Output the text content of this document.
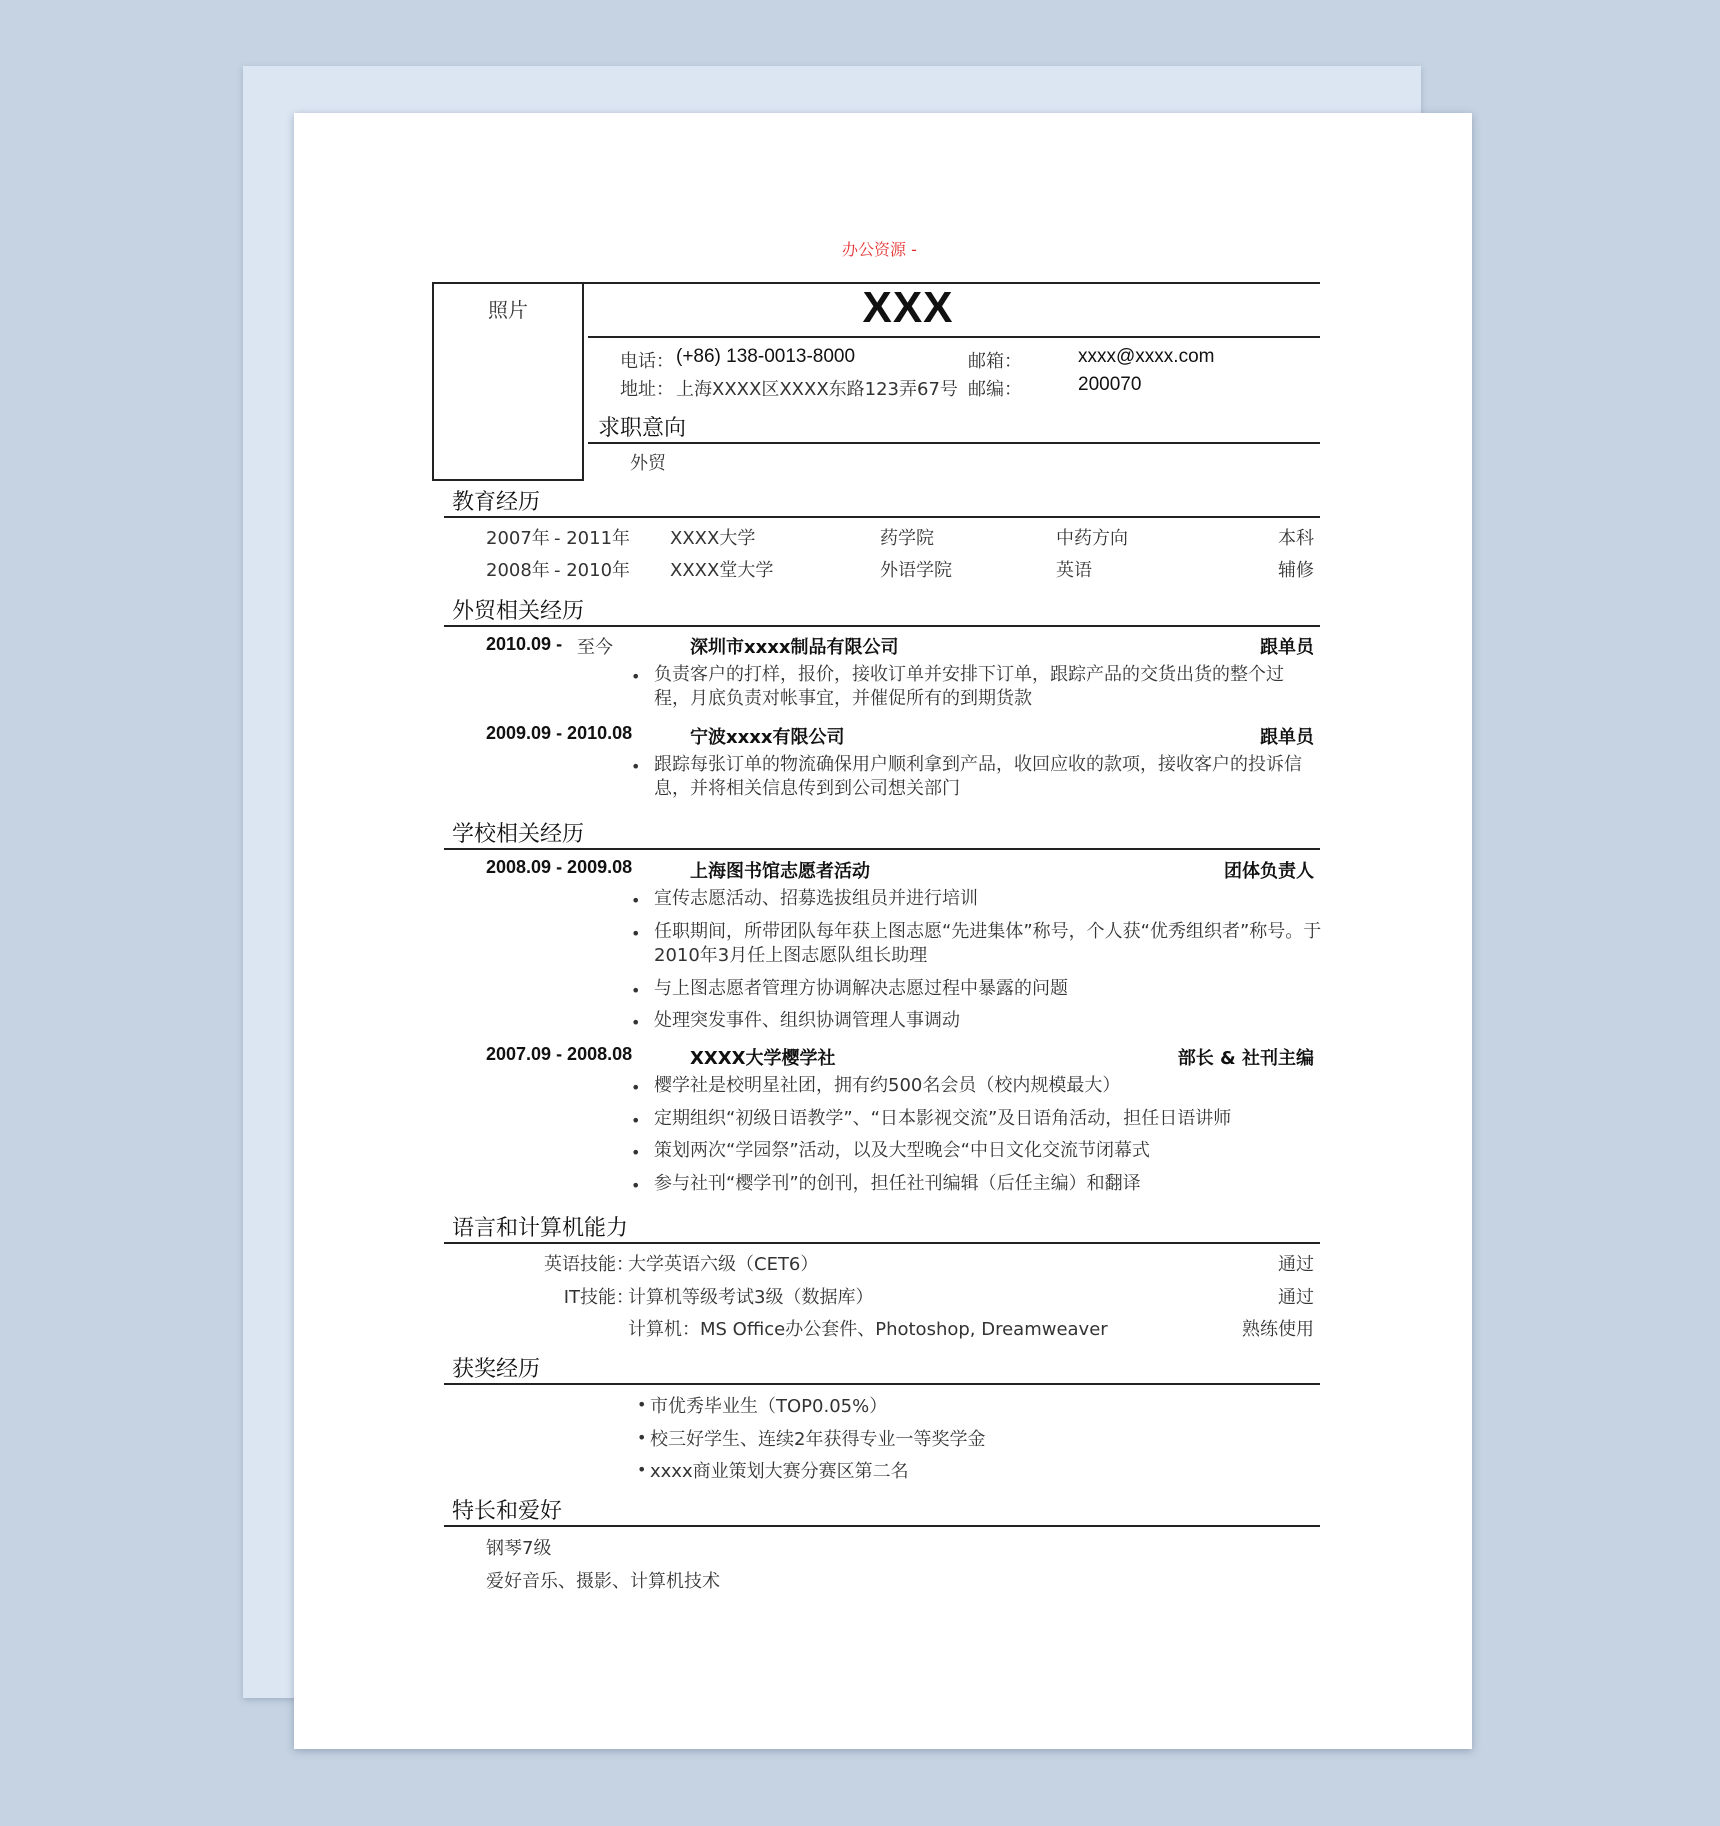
办公资源 -
照片	XXX
电话： (+86) 138-0013-8000	邮箱：	xxxx@xxxx.com
地址： 上海XXXX区XXXX东路123弄67号 邮编：	200070
求职意向
外贸
教育经历
2007年 - 2011年 XXXX大学	药学院	中药方向	本科
2008年 - 2010年 XXXX堂大学	外语学院	英语	辅修
外贸相关经历
2010.09 - 至今	深圳市xxxx制品有限公司	跟单员
• 负责客户的打样，报价，接收订单并安排下订单，跟踪产品的交货出货的整个过程，月底负责对帐事宜，并催促所有的到期货款
2009.09 - 2010.08	宁波xxxx有限公司	跟单员
• 跟踪每张订单的物流确保用户顺利拿到产品，收回应收的款项，接收客户的投诉信息，并将相关信息传到到公司想关部门
学校相关经历
2008.09 - 2009.08	上海图书馆志愿者活动	团体负责人
• 宣传志愿活动、招募选拔组员并进行培训
• 任职期间，所带团队每年获上图志愿“先进集体”称号，个人获“优秀组织者”称号。于2010年3月任上图志愿队组长助理
• 与上图志愿者管理方协调解决志愿过程中暴露的问题
• 处理突发事件、组织协调管理人事调动
2007.09 - 2008.08	XXXX大学樱学社	部长 & 社刊主编
• 樱学社是校明星社团，拥有约500名会员（校内规模最大）
• 定期组织“初级日语教学”、“日本影视交流”及日语角活动，担任日语讲师
• 策划两次“学园祭”活动，以及大型晚会“中日文化交流节闭幕式
• 参与社刊“樱学刊”的创刊，担任社刊编辑（后任主编）和翻译
语言和计算机能力
英语技能：
大学英语六级（CET6）	通过
IT技能：
计算机等级考试3级（数据库）	通过
计算机：MS Office办公套件、Photoshop, Dreamweaver	熟练使用
获奖经历
• 市优秀毕业生（TOP0.05%）
• 校三好学生、连续2年获得专业一等奖学金
• xxxx商业策划大赛分赛区第二名
特长和爱好
钢琴7级
爱好音乐、摄影、计算机技术
